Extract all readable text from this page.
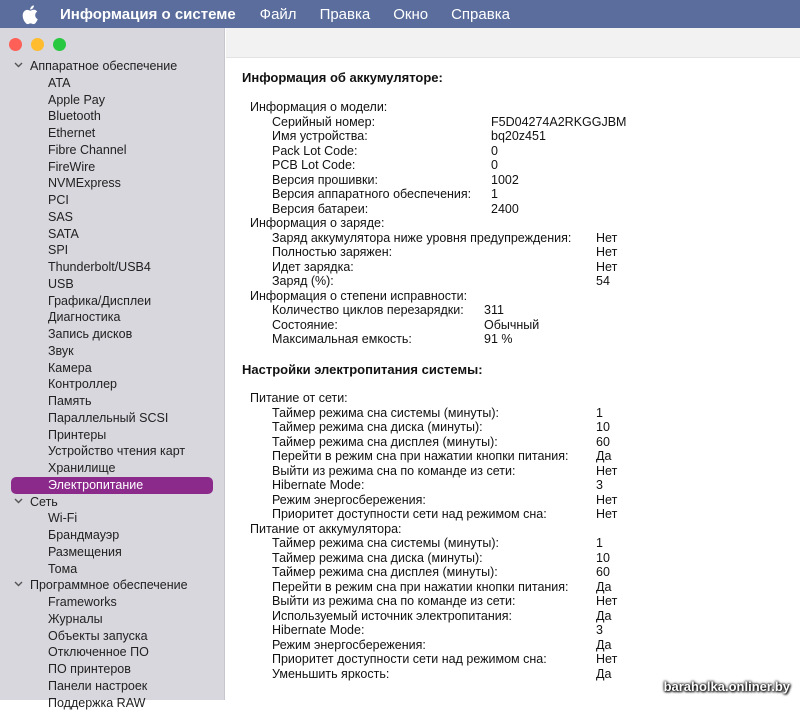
Информация о системе Файл Правка Окно Справка
Аппаратное обеспечение
ATA
Apple Pay
Bluetooth
Ethernet
Fibre Channel
FireWire
NVMExpress
PCI
SAS
SATA
SPI
Thunderbolt/USB4
USB
Графика/Дисплеи
Диагностика
Запись дисков
Звук
Камера
Контроллер
Память
Параллельный SCSI
Принтеры
Устройство чтения карт
Хранилище
Электропитание
Сеть
Wi-Fi
Брандмауэр
Размещения
Тома
Программное обеспечение
Frameworks
Журналы
Объекты запуска
Отключенное ПО
ПО принтеров
Панели настроек
Поддержка RAW
Информация об аккумуляторе:
Информация о модели:
Серийный номер:	F5D04274A2RKGGJBM
Имя устройства:	bq20z451
Pack Lot Code:	0
PCB Lot Code:	0
Версия прошивки:	1002
Версия аппаратного обеспечения: 1
Версия батареи:	2400
Информация о заряде:
Заряд аккумулятора ниже уровня предупреждения: Нет
Полностью заряжен:	Нет
Идет зарядка:	Нет
Заряд (%):	54
Информация о степени исправности:
Количество циклов перезарядки: 311
Состояние:	Обычный
Максимальная емкость:	91 %
Настройки электропитания системы:
Питание от сети:
Таймер режима сна системы (минуты):	1
Таймер режима сна диска (минуты):	10
Таймер режима сна дисплея (минуты):	60
Перейти в режим сна при нажатии кнопки питания: Да
Выйти из режима сна по команде из сети:	Нет
Hibernate Mode:	3
Режим энергосбережения:	Нет
Приоритет доступности сети над режимом сна:	Нет
Питание от аккумулятора:
Таймер режима сна системы (минуты):	1
Таймер режима сна диска (минуты):	10
Таймер режима сна дисплея (минуты):	60
Перейти в режим сна при нажатии кнопки питания: Да
Выйти из режима сна по команде из сети:	Нет
Используемый источник электропитания:	Да
Hibernate Mode:	3
Режим энергосбережения:	Да
Приоритет доступности сети над режимом сна:	Нет
Уменьшить яркость:	Да
baraholka.onliner.by
